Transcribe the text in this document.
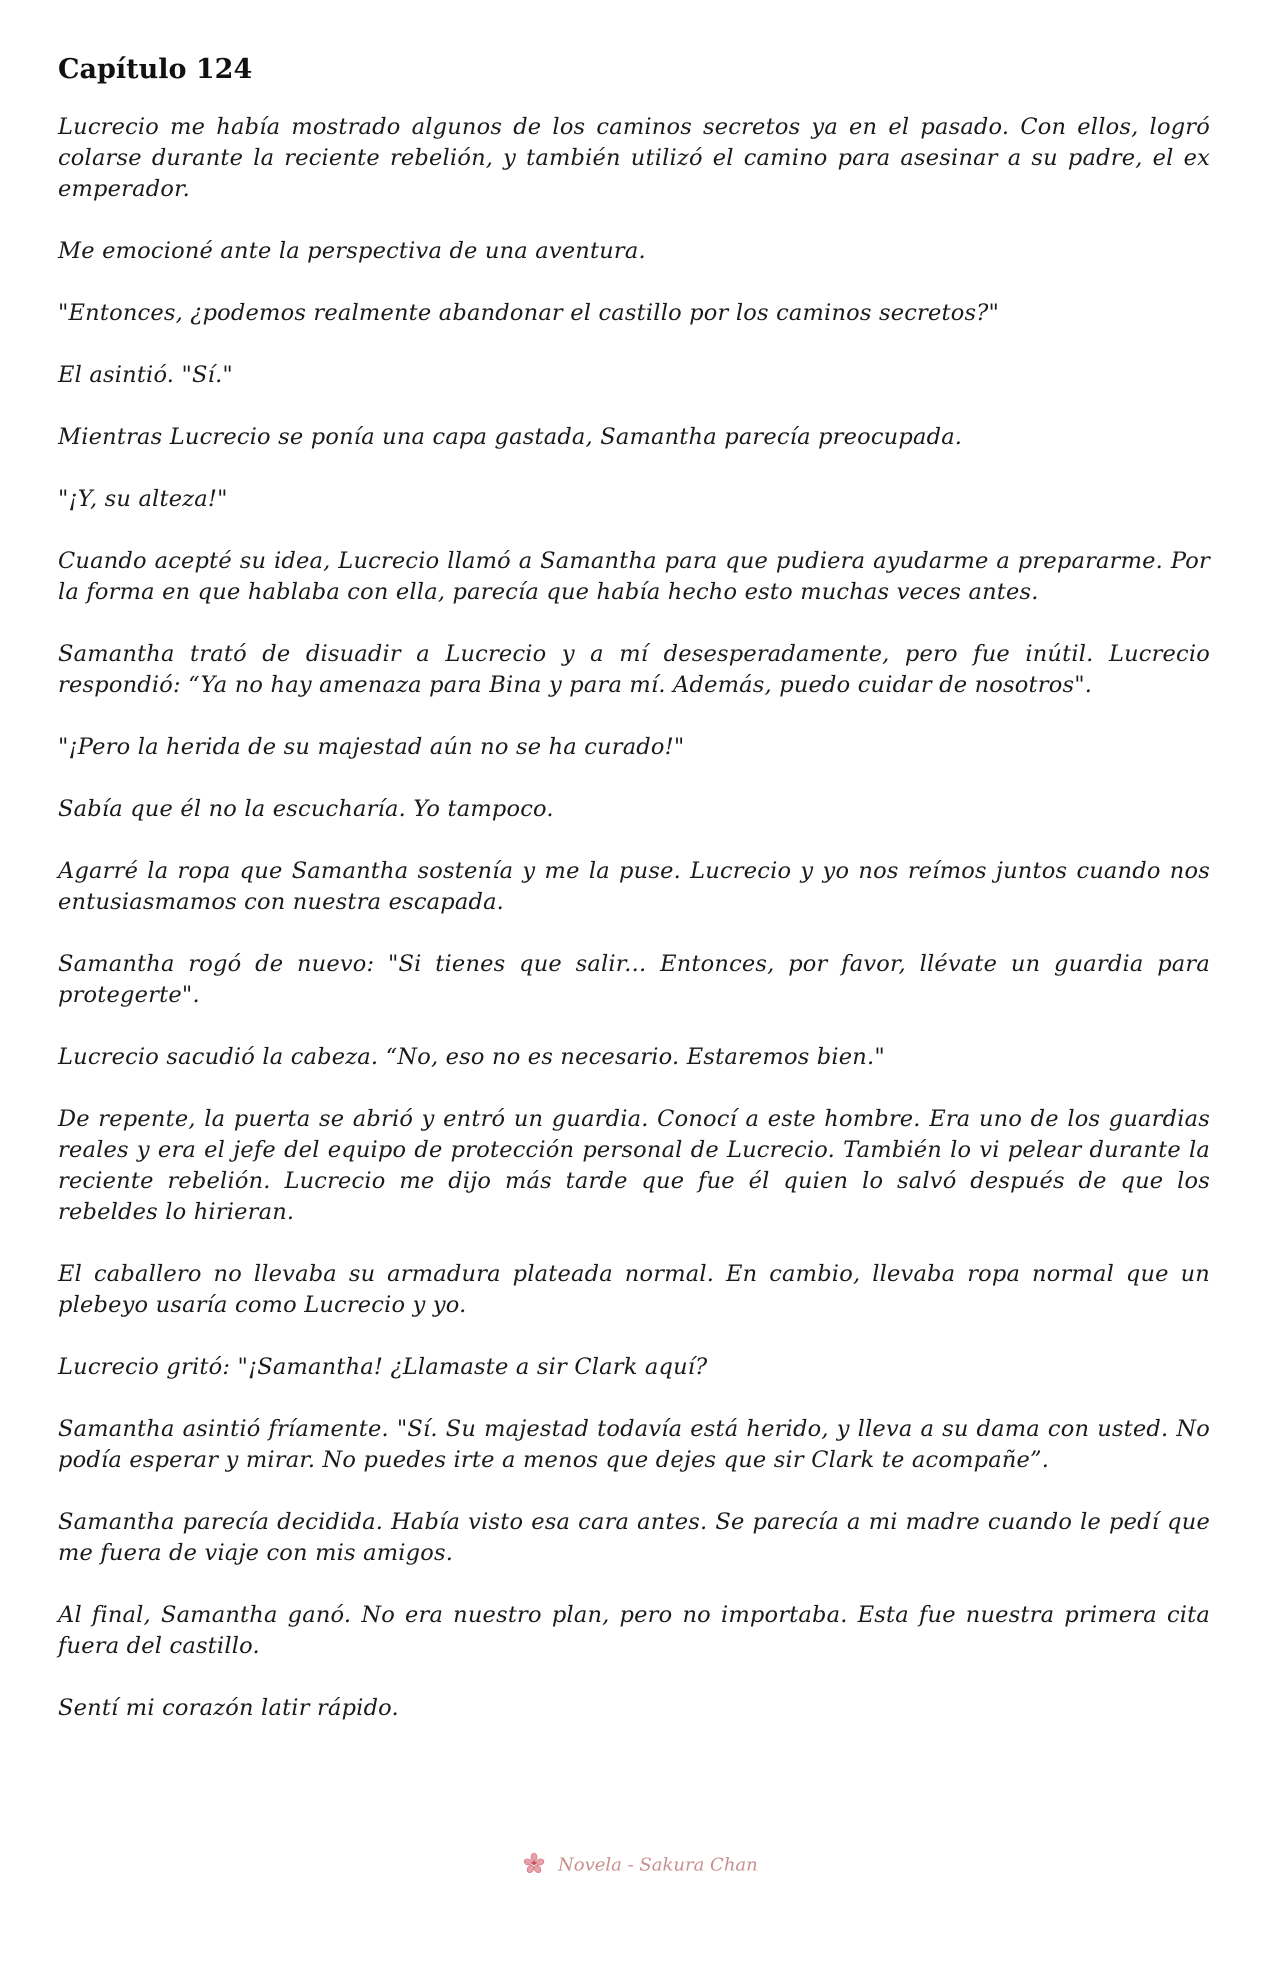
Capítulo 124

Lucrecio me había mostrado algunos de los caminos secretos ya en el pasado. Con ellos, logró colarse durante la reciente rebelión, y también utilizó el camino para asesinar a su padre, el ex emperador.

Me emocioné ante la perspectiva de una aventura.

"Entonces, ¿podemos realmente abandonar el castillo por los caminos secretos?"

El asintió. "Sí."

Mientras Lucrecio se ponía una capa gastada, Samantha parecía preocupada.

"¡Y, su alteza!"

Cuando acepté su idea, Lucrecio llamó a Samantha para que pudiera ayudarme a prepararme. Por la forma en que hablaba con ella, parecía que había hecho esto muchas veces antes.

Samantha trató de disuadir a Lucrecio y a mí desesperadamente, pero fue inútil. Lucrecio respondió: “Ya no hay amenaza para Bina y para mí. Además, puedo cuidar de nosotros".

"¡Pero la herida de su majestad aún no se ha curado!"

Sabía que él no la escucharía. Yo tampoco.

Agarré la ropa que Samantha sostenía y me la puse. Lucrecio y yo nos reímos juntos cuando nos entusiasmamos con nuestra escapada.

Samantha rogó de nuevo: "Si tienes que salir... Entonces, por favor, llévate un guardia para protegerte".

Lucrecio sacudió la cabeza. “No, eso no es necesario. Estaremos bien."

De repente, la puerta se abrió y entró un guardia. Conocí a este hombre. Era uno de los guardias reales y era el jefe del equipo de protección personal de Lucrecio. También lo vi pelear durante la reciente rebelión. Lucrecio me dijo más tarde que fue él quien lo salvó después de que los rebeldes lo hirieran.

El caballero no llevaba su armadura plateada normal. En cambio, llevaba ropa normal que un plebeyo usaría como Lucrecio y yo.

Lucrecio gritó: "¡Samantha! ¿Llamaste a sir Clark aquí?

Samantha asintió fríamente. "Sí. Su majestad todavía está herido, y lleva a su dama con usted. No podía esperar y mirar. No puedes irte a menos que dejes que sir Clark te acompañe”.

Samantha parecía decidida. Había visto esa cara antes. Se parecía a mi madre cuando le pedí que me fuera de viaje con mis amigos.

Al final, Samantha ganó. No era nuestro plan, pero no importaba. Esta fue nuestra primera cita fuera del castillo.

Sentí mi corazón latir rápido.

Novela - Sakura Chan
